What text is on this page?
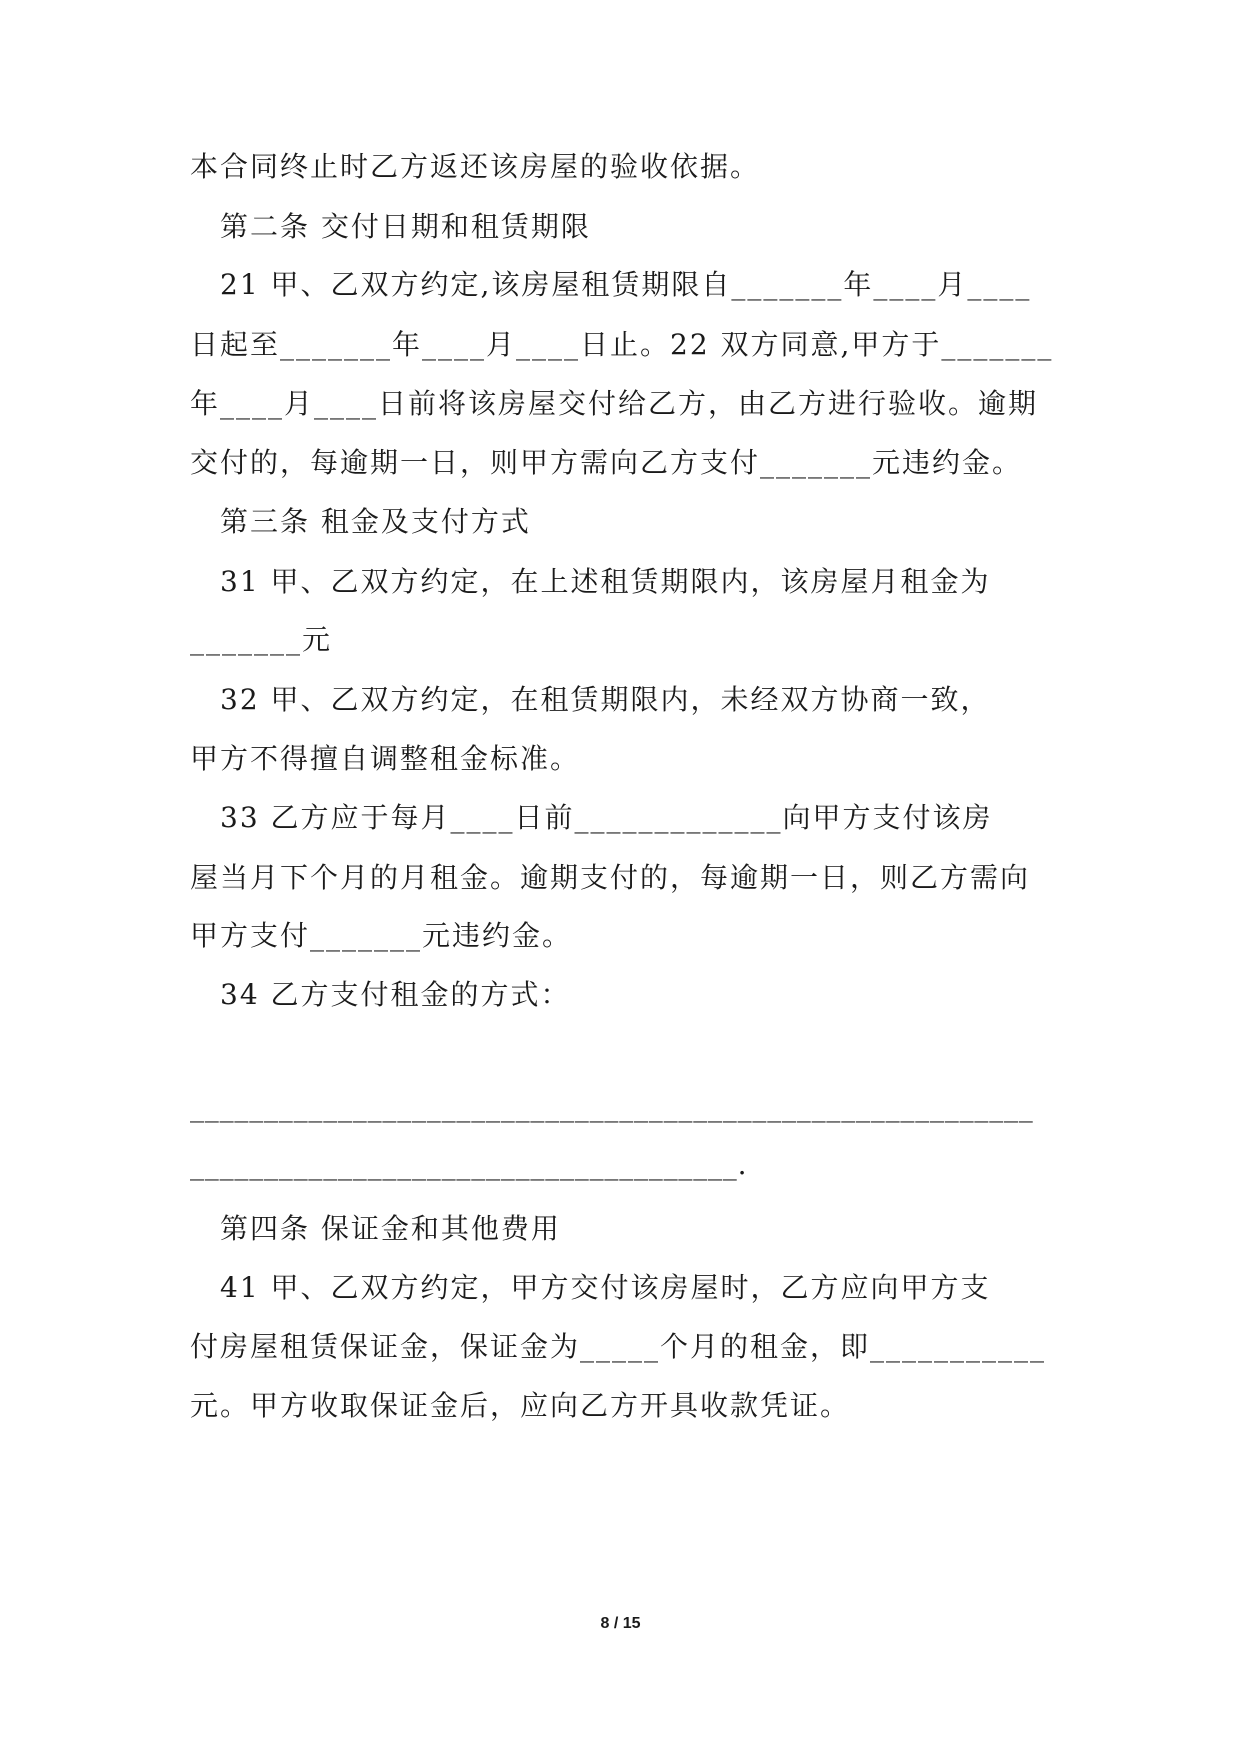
本合同终止时乙方返还该房屋的验收依据。
　第二条 交付日期和租赁期限
　21 甲、乙双方约定,该房屋租赁期限自_______年____月____
日起至_______年____月____日止。22 双方同意,甲方于_______
年____月____日前将该房屋交付给乙方，由乙方进行验收。逾期
交付的，每逾期一日，则甲方需向乙方支付_______元违约金。
　第三条 租金及支付方式
　31 甲、乙双方约定，在上述租赁期限内，该房屋月租金为
_______元
　32 甲、乙双方约定，在租赁期限内，未经双方协商一致，
甲方不得擅自调整租金标准。
　33 乙方应于每月____日前_____________向甲方支付该房
屋当月下个月的月租金。逾期支付的，每逾期一日，则乙方需向
甲方支付_______元违约金。
　34 乙方支付租金的方式：
_________________________________________________________
_____________________________________.
　第四条 保证金和其他费用
　41 甲、乙双方约定，甲方交付该房屋时，乙方应向甲方支
付房屋租赁保证金，保证金为_____个月的租金，即___________
元。甲方收取保证金后，应向乙方开具收款凭证。
8 / 15
